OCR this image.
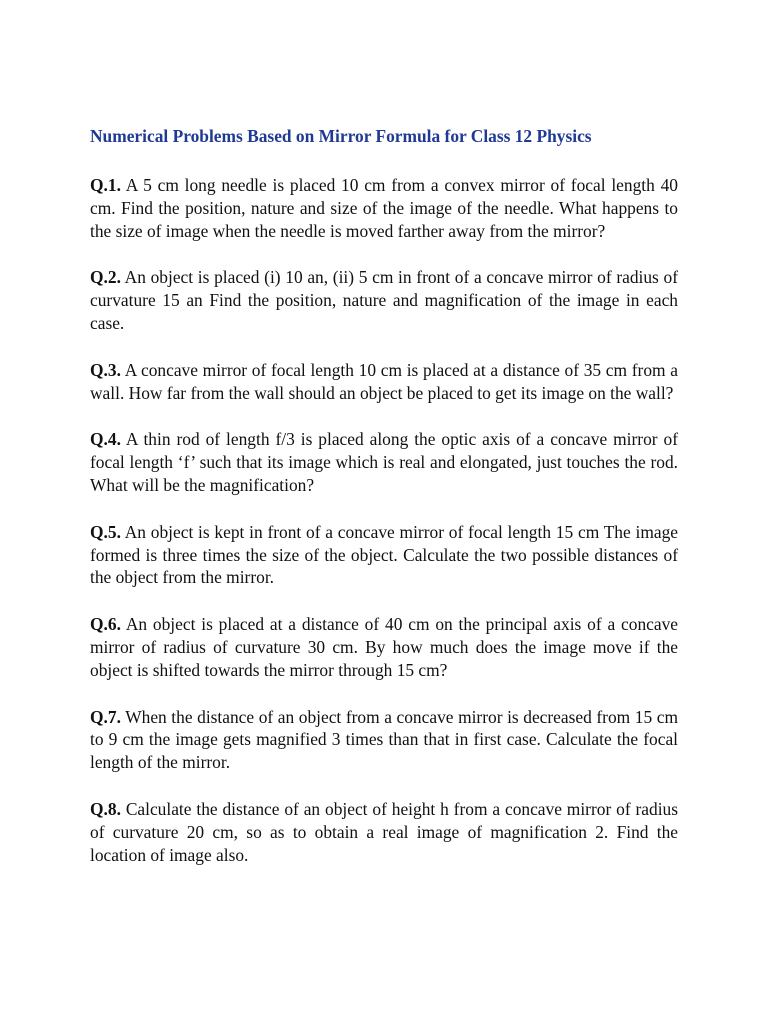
Numerical Problems Based on Mirror Formula for Class 12 Physics

Q.1. A 5 cm long needle is placed 10 cm from a convex mirror of focal length 40 cm. Find the position, nature and size of the image of the needle. What happens to the size of image when the needle is moved farther away from the mirror?

Q.2. An object is placed (i) 10 an, (ii) 5 cm in front of a concave mirror of radius of curvature 15 an Find the position, nature and magnification of the image in each case.

Q.3. A concave mirror of focal length 10 cm is placed at a distance of 35 cm from a wall. How far from the wall should an object be placed to get its image on the wall?

Q.4. A thin rod of length f/3 is placed along the optic axis of a concave mirror of focal length ‘f’ such that its image which is real and elongated, just touches the rod. What will be the magnification?

Q.5. An object is kept in front of a concave mirror of focal length 15 cm The image formed is three times the size of the object. Calculate the two possible distances of the object from the mirror.

Q.6. An object is placed at a distance of 40 cm on the principal axis of a concave mirror of radius of curvature 30 cm. By how much does the image move if the object is shifted towards the mirror through 15 cm?

Q.7. When the distance of an object from a concave mirror is decreased from 15 cm to 9 cm the image gets magnified 3 times than that in first case. Calculate the focal length of the mirror.

Q.8. Calculate the distance of an object of height h from a concave mirror of radius of curvature 20 cm, so as to obtain a real image of magnification 2. Find the location of image also.
